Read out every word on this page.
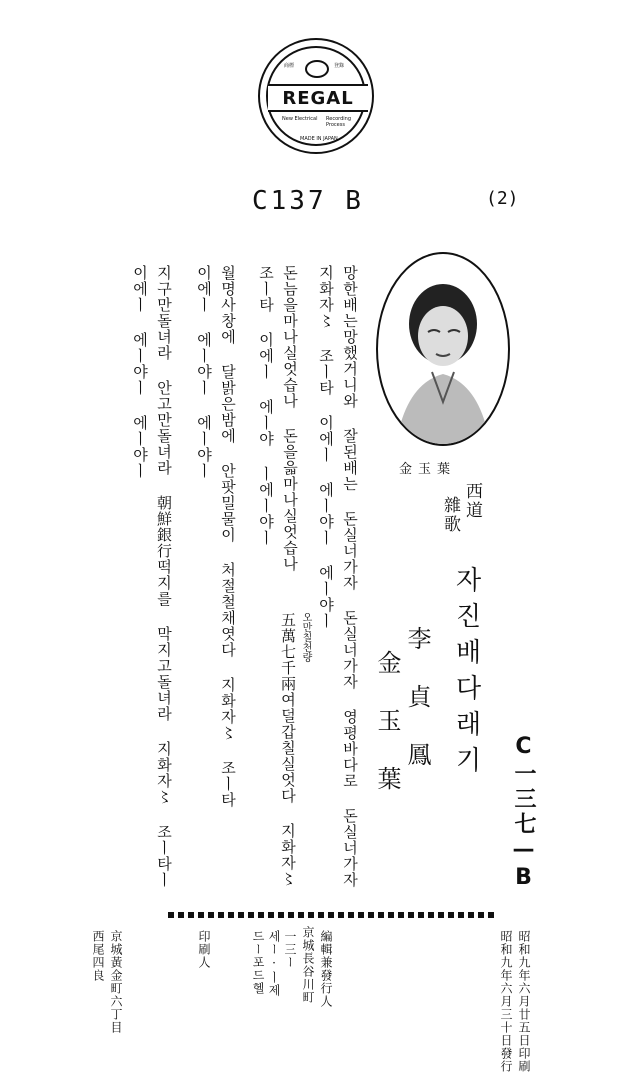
商標	登錄
REGAL
New Electrical Recording Process
MADE IN JAPAN
C137 B	(2)
金玉葉
西道
雜歌
자진배다래기
李貞鳳
金玉葉	C一三七—B
망한배는망했거니와 잘된배는 돈실너가자 돈실너가자 영평바다로 돈실너가자
지화자〻 조ㅣ타 이에ㅣ 에ㅣ야ㅣ 에ㅣ야ㅣ
돈늠을마나실엇습나 돈을읇마나실엇습나
조ㅣ타 이에ㅣ 에ㅣ야 ㅣ에ㅣ야ㅣ
월명사창에 달밝은밤에 안팟밀물이 처절철채엿다 지화자〻 조ㅣ타
이에ㅣ 에ㅣ야ㅣ 에ㅣ야ㅣ
지구만돌녀라 안고만돌녀라 朝鮮銀行떡지를 막지고돌녀라 지화자〻 조ㅣ타ㅣ
이에ㅣ 에ㅣ야ㅣ 에ㅣ야ㅣ
오만칠천량
五萬七千兩여덜갑칠실엇다 지화자〻
昭和九年六月廿五日印刷
昭和九年六月三十日發行
編輯兼發行人
京城長谷川町
一三ー
세ー·ㅣ제
드ー포드헬
印刷人
京城黃金町六丁目
西尾四良
